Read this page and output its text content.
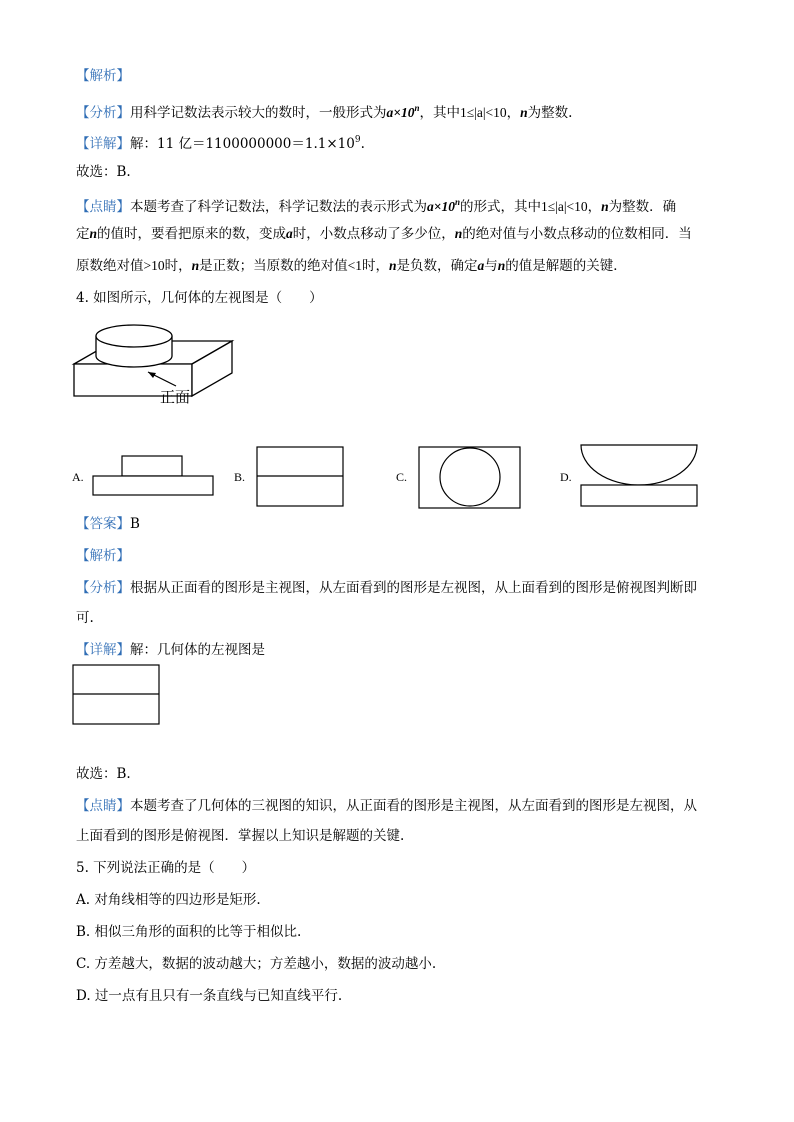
【解析】
【分析】用科学记数法表示较大的数时，一般形式为$a\times 10^n$，其中1≤|a|<10，n为整数.
【详解】解：11 亿$=1100000000=1.1\times 10^9$.
故选：B.
【点睛】本题考查了科学记数法，科学记数法的表示形式为$a\times 10^n$的形式，其中1≤|a|<10，n为整数．确
定n的值时，要看把原来的数，变成a时，小数点移动了多少位，n的绝对值与小数点移动的位数相同．当
原数绝对值>10时，n是正数；当原数的绝对值<1时，n是负数，确定a与n的值是解题的关键．
4. 如图所示，几何体的左视图是（　　）
正面
A.	B.	C.	D.
【答案】B
【解析】
【分析】根据从正面看的图形是主视图，从左面看到的图形是左视图，从上面看到的图形是俯视图判断即
可.
【详解】解：几何体的左视图是
故选：B.
【点睛】本题考查了几何体的三视图的知识，从正面看的图形是主视图，从左面看到的图形是左视图，从
上面看到的图形是俯视图．掌握以上知识是解题的关键.
5. 下列说法正确的是（　　）
A. 对角线相等的四边形是矩形.
B. 相似三角形的面积的比等于相似比.
C. 方差越大，数据的波动越大；方差越小，数据的波动越小.
D. 过一点有且只有一条直线与已知直线平行.
